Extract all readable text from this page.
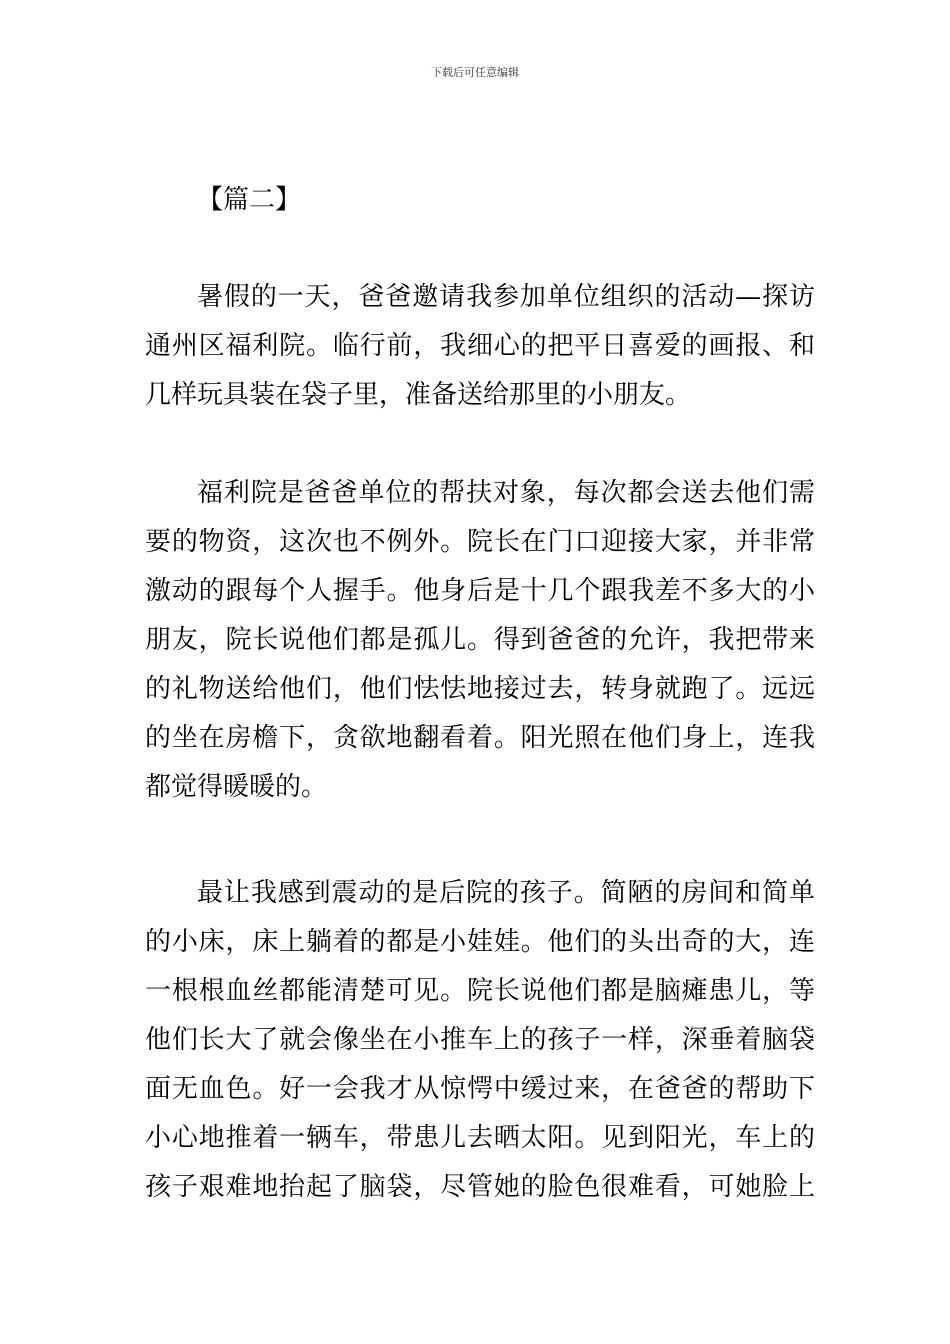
下载后可任意编辑
【篇二】
暑假的一天，爸爸邀请我参加单位组织的活动—探访
通州区福利院。临行前，我细心的把平日喜爱的画报、和
几样玩具装在袋子里，准备送给那里的小朋友。
福利院是爸爸单位的帮扶对象，每次都会送去他们需
要的物资，这次也不例外。院长在门口迎接大家，并非常
激动的跟每个人握手。他身后是十几个跟我差不多大的小
朋友，院长说他们都是孤儿。得到爸爸的允许，我把带来
的礼物送给他们，他们怯怯地接过去，转身就跑了。远远
的坐在房檐下，贪欲地翻看着。阳光照在他们身上，连我
都觉得暖暖的。
最让我感到震动的是后院的孩子。简陋的房间和简单
的小床，床上躺着的都是小娃娃。他们的头出奇的大，连
一根根血丝都能清楚可见。院长说他们都是脑瘫患儿，等
他们长大了就会像坐在小推车上的孩子一样，深垂着脑袋
面无血色。好一会我才从惊愕中缓过来，在爸爸的帮助下
小心地推着一辆车，带患儿去晒太阳。见到阳光，车上的
孩子艰难地抬起了脑袋，尽管她的脸色很难看，可她脸上
